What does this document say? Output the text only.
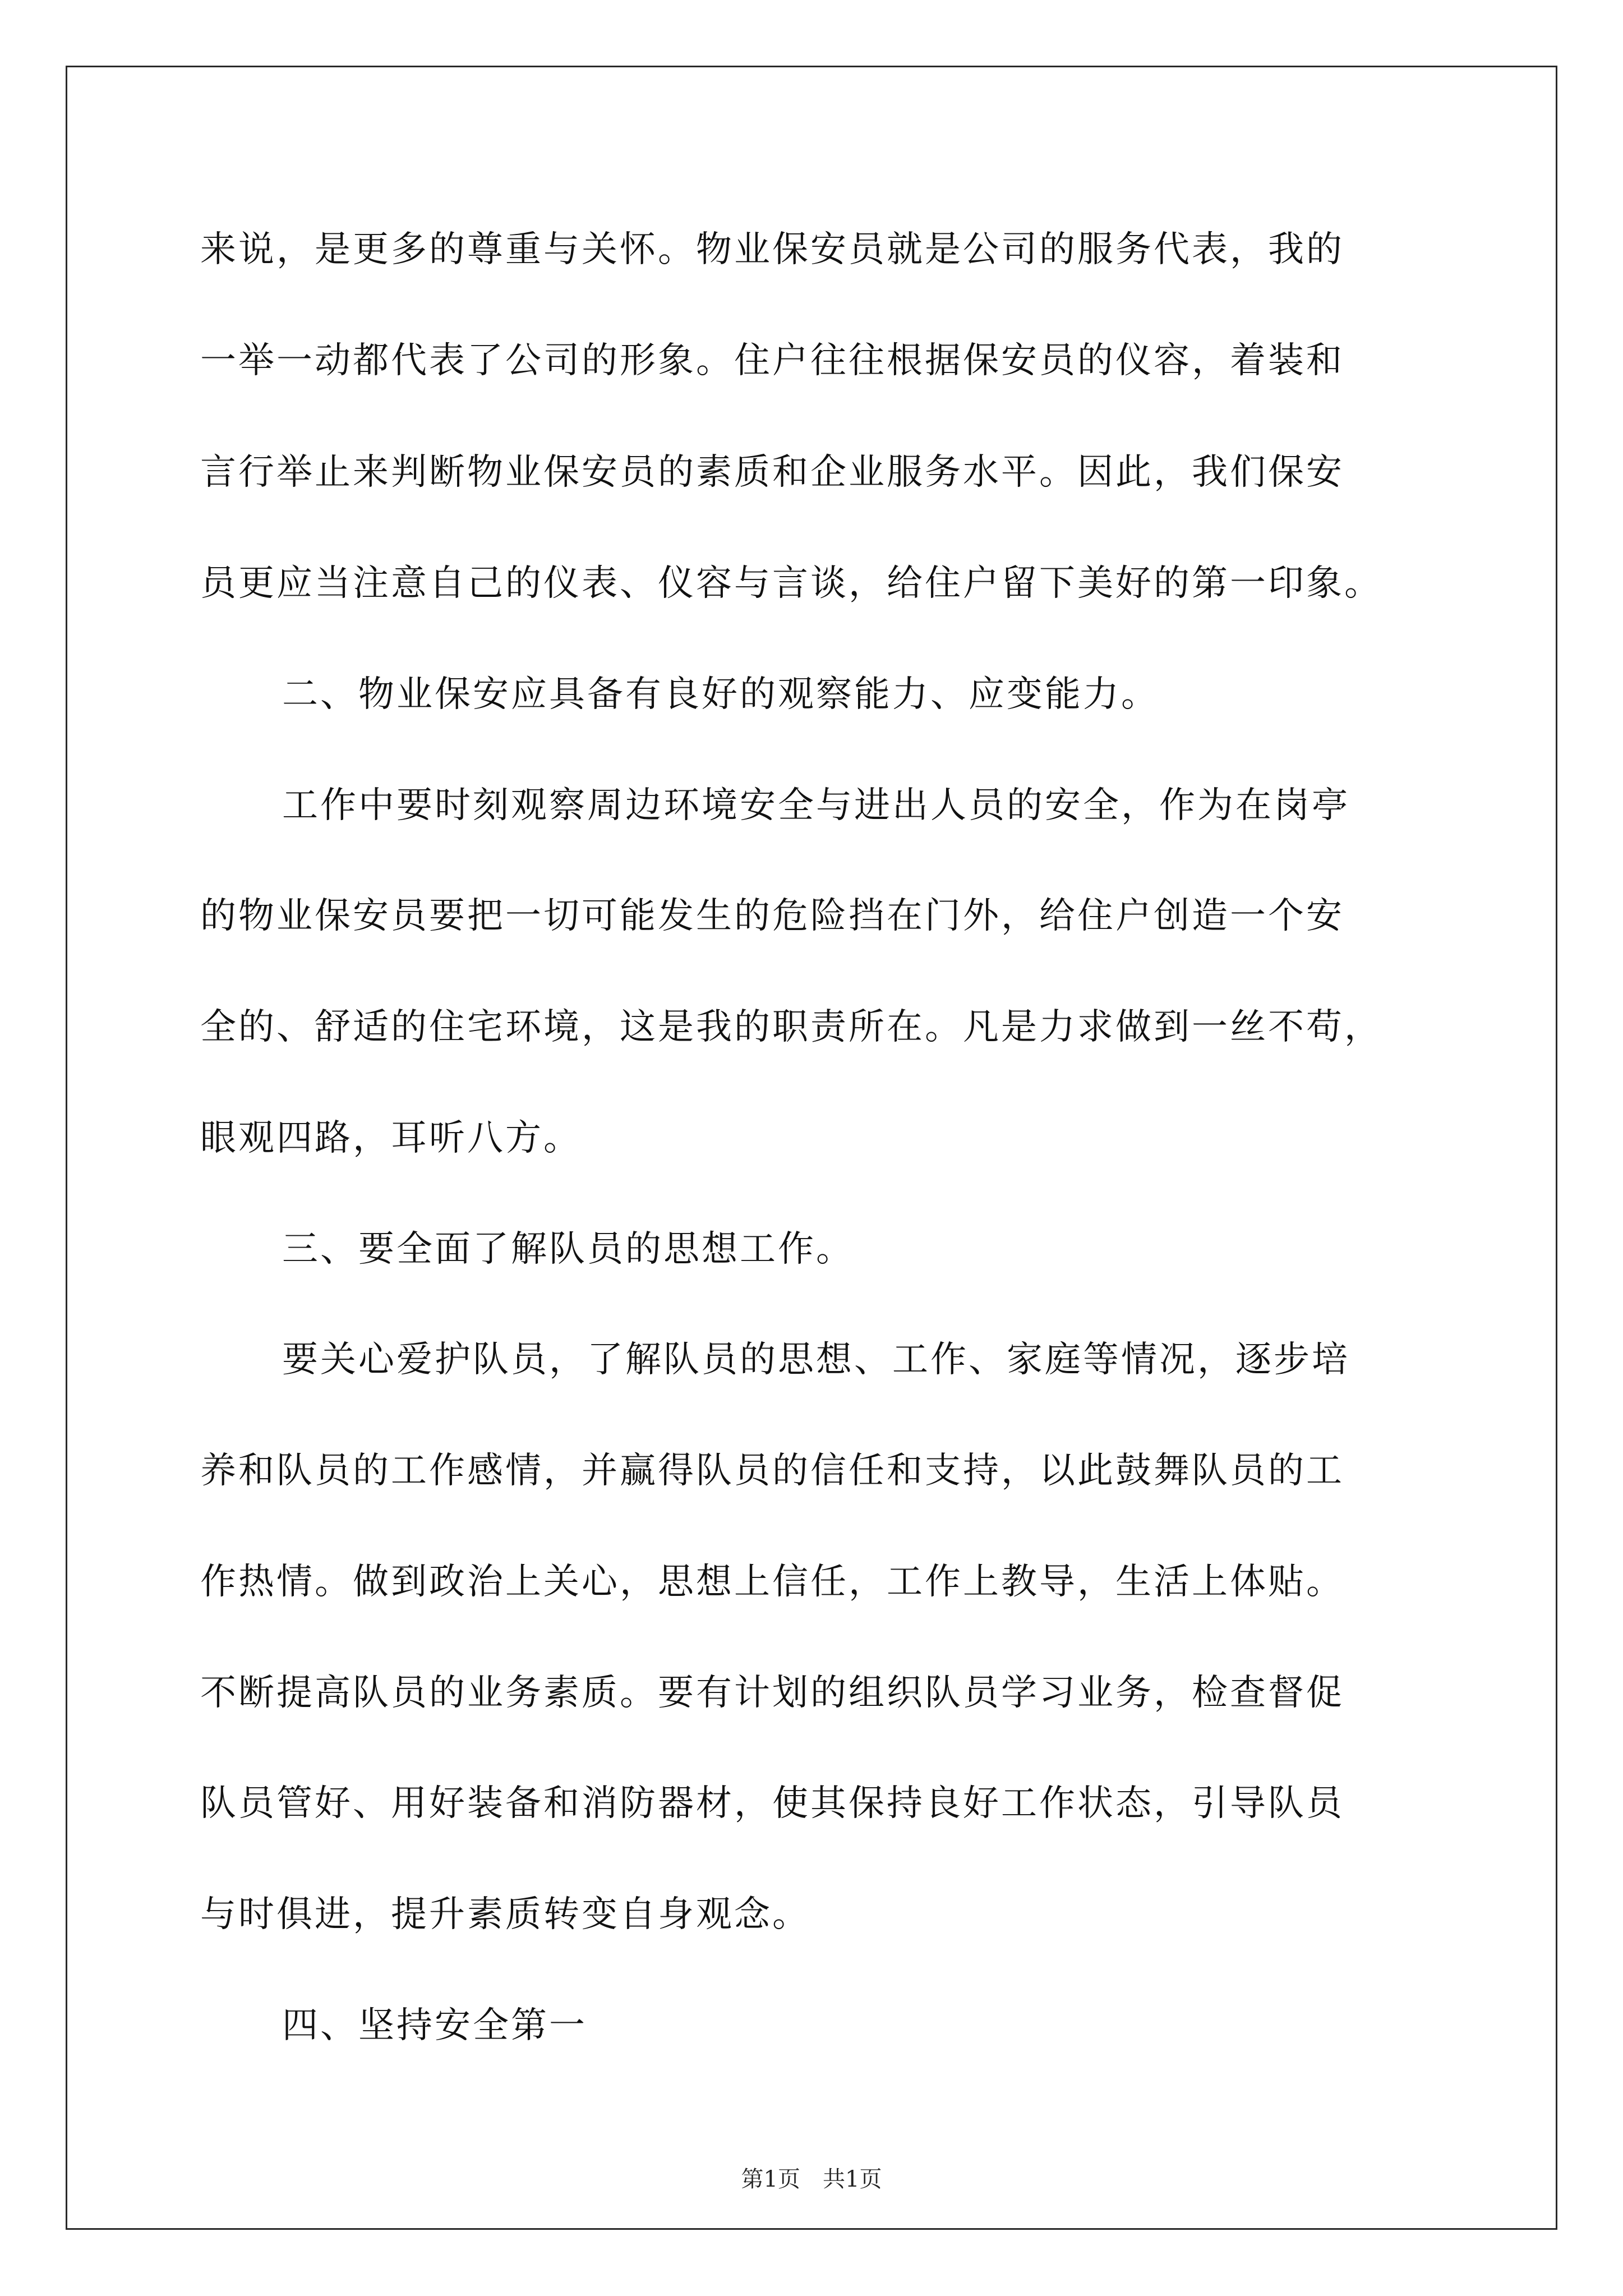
来说，是更多的尊重与关怀。物业保安员就是公司的服务代表，我的
一举一动都代表了公司的形象。住户往往根据保安员的仪容，着装和
言行举止来判断物业保安员的素质和企业服务水平。因此，我们保安
员更应当注意自己的仪表、仪容与言谈，给住户留下美好的第一印象。
二、物业保安应具备有良好的观察能力、应变能力。
工作中要时刻观察周边环境安全与进出人员的安全，作为在岗亭
的物业保安员要把一切可能发生的危险挡在门外，给住户创造一个安
全的、舒适的住宅环境，这是我的职责所在。凡是力求做到一丝不苟，
眼观四路，耳听八方。
三、要全面了解队员的思想工作。
要关心爱护队员，了解队员的思想、工作、家庭等情况，逐步培
养和队员的工作感情，并赢得队员的信任和支持，以此鼓舞队员的工
作热情。做到政治上关心，思想上信任，工作上教导，生活上体贴。
不断提高队员的业务素质。要有计划的组织队员学习业务，检查督促
队员管好、用好装备和消防器材，使其保持良好工作状态，引导队员
与时俱进，提升素质转变自身观念。
四、坚持安全第一
第1页　共1页
